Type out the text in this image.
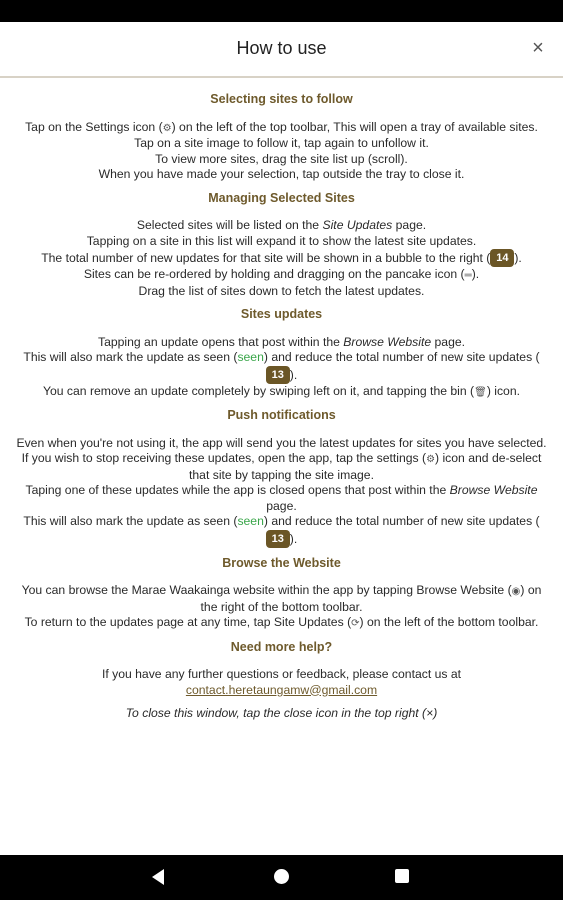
How to use	×
Selecting sites to follow

Tap on the Settings icon (⚙) on the left of the top toolbar, This will open a tray of available sites.

Tap on a site image to follow it, tap again to unfollow it.

To view more sites, drag the site list up (scroll).

When you have made your selection, tap outside the tray to close it.

Managing Selected Sites

Selected sites will be listed on the Site Updates page.

Tapping on a site in this list will expand it to show the latest site updates.

The total number of new updates for that site will be shown in a bubble to the right ( 14 ).

Sites can be re-ordered by holding and dragging on the pancake icon (═).

Drag the list of sites down to fetch the latest updates.

Sites updates

Tapping an update opens that post within the Browse Website page.

This will also mark the update as seen (seen) and reduce the total number of new site updates (13 ).

You can remove an update completely by swiping left on it, and tapping the bin (🗑) icon.

Push notifications

Even when you're not using it, the app will send you the latest updates for sites you have selected.

If you wish to stop receiving these updates, open the app, tap the settings (⚙) icon and de-select that site by tapping the site image.

Taping one of these updates while the app is closed opens that post within the Browse Website page.

This will also mark the update as seen (seen) and reduce the total number of new site updates (13 ).

Browse the Website

You can browse the Marae Waakainga website within the app by tapping Browse Website (◉) on the right of the bottom toolbar.

To return to the updates page at any time, tap Site Updates (⟳) on the left of the bottom toolbar.

Need more help?

If you have any further questions or feedback, please contact us at

contact.heretaungamw@gmail.com

To close this window, tap the close icon in the top right (×)
